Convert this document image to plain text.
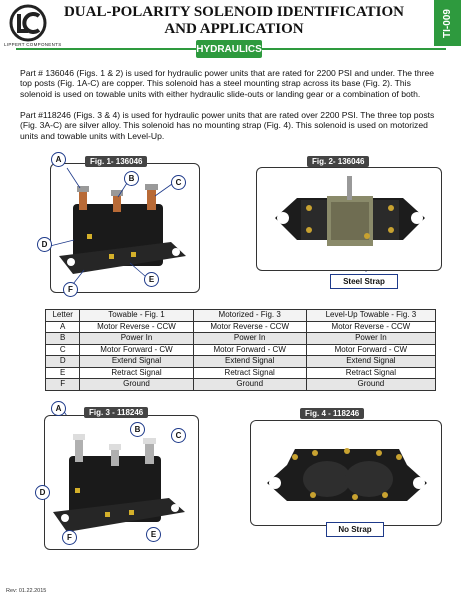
LIPPERT COMPONENTS
DUAL-POLARITY SOLENOID IDENTIFICATION
AND APPLICATION	TI-009
HYDRAULICS
Part # 136046 (Figs. 1 & 2) is used for hydraulic power units that are rated for 2200 PSI and under. The three top posts (Fig. 1A-C) are copper. This solenoid has a steel mounting strap across its base (Fig. 2). This solenoid is used on towable units with either hydraulic slide-outs or landing gear or a combination of both.
Part #118246 (Figs. 3 & 4) is used for hydraulic power units that are rated over 2200 PSI. The three top posts (Fig. 3A-C) are silver alloy. This solenoid has no mounting strap (Fig. 4). This solenoid is used on motorized units and towable units with Level-Up.
Fig. 1- 136046
A
B	C
D
E
F
Fig. 2- 136046
Steel Strap
Letter	Towable - Fig. 1	Motorized - Fig. 3	Level-Up Towable - Fig. 3
A	Motor Reverse - CCW	Motor Reverse - CCW	Motor Reverse - CCW
B	Power In	Power In	Power In
C	Motor Forward - CW	Motor Forward - CW	Motor Forward - CW
D	Extend Signal	Extend Signal	Extend Signal
E	Retract Signal	Retract Signal	Retract Signal
F	Ground	Ground	Ground
Fig. 3 - 118246
A
B
C
D
E
F
Fig. 4 - 118246
No Strap
Rev: 01.22.2015
